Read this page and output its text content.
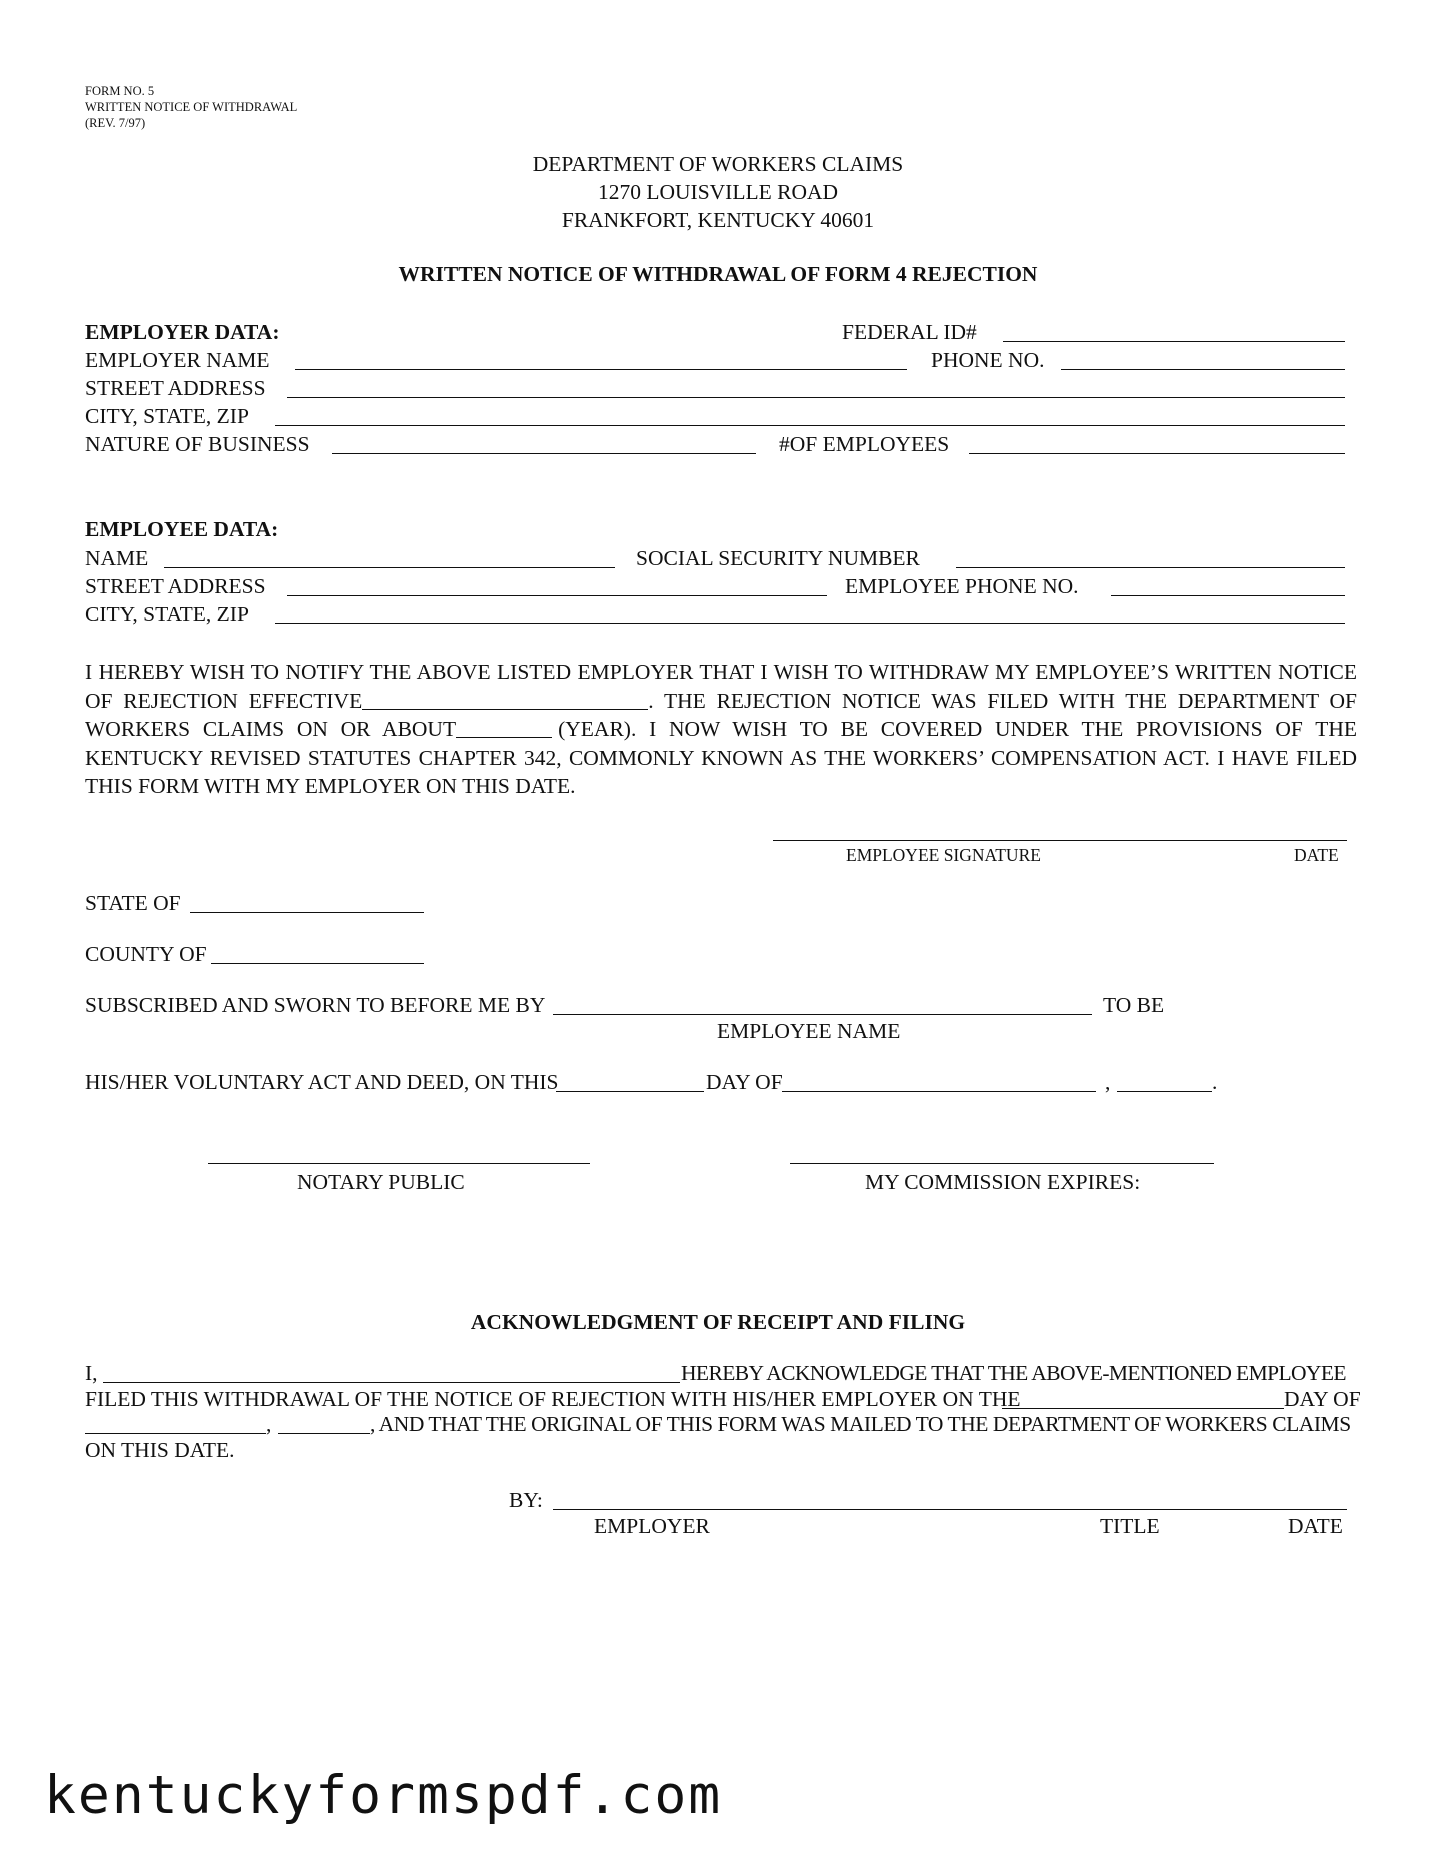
FORM NO. 5
WRITTEN NOTICE OF WITHDRAWAL
(REV. 7/97)
DEPARTMENT OF WORKERS CLAIMS
1270 LOUISVILLE ROAD
FRANKFORT, KENTUCKY 40601
WRITTEN NOTICE OF WITHDRAWAL OF FORM 4 REJECTION
EMPLOYER DATA:	FEDERAL ID#
EMPLOYER NAME	PHONE NO.
STREET ADDRESS
CITY, STATE, ZIP
NATURE OF BUSINESS	#OF EMPLOYEES
EMPLOYEE DATA:
NAME	SOCIAL SECURITY NUMBER
STREET ADDRESS	EMPLOYEE PHONE NO.
CITY, STATE, ZIP
I HEREBY WISH TO NOTIFY THE ABOVE LISTED EMPLOYER THAT I WISH TO WITHDRAW MY EMPLOYEE’S WRITTEN NOTICE OF REJECTION EFFECTIVE	. THE REJECTION NOTICE WAS FILED WITH THE DEPARTMENT OF WORKERS CLAIMS ON OR ABOUT	(YEAR). I NOW WISH TO BE COVERED UNDER THE PROVISIONS OF THE KENTUCKY REVISED STATUTES CHAPTER 342, COMMONLY KNOWN AS THE WORKERS’ COMPENSATION ACT. I HAVE FILED THIS FORM WITH MY EMPLOYER ON THIS DATE.
EMPLOYEE SIGNATURE	DATE
STATE OF
COUNTY OF
SUBSCRIBED AND SWORN TO BEFORE ME BY	TO BE
EMPLOYEE NAME
HIS/HER VOLUNTARY ACT AND DEED, ON THIS	DAY OF	,	.
NOTARY PUBLIC	MY COMMISSION EXPIRES:
ACKNOWLEDGMENT OF RECEIPT AND FILING
I,	HEREBY ACKNOWLEDGE THAT THE ABOVE-MENTIONED EMPLOYEE
FILED THIS WITHDRAWAL OF THE NOTICE OF REJECTION WITH HIS/HER EMPLOYER ON THE	DAY OF
,	, AND THAT THE ORIGINAL OF THIS FORM WAS MAILED TO THE DEPARTMENT OF WORKERS CLAIMS
ON THIS DATE.
BY:
EMPLOYER	TITLE	DATE
kentuckyformspdf.com
